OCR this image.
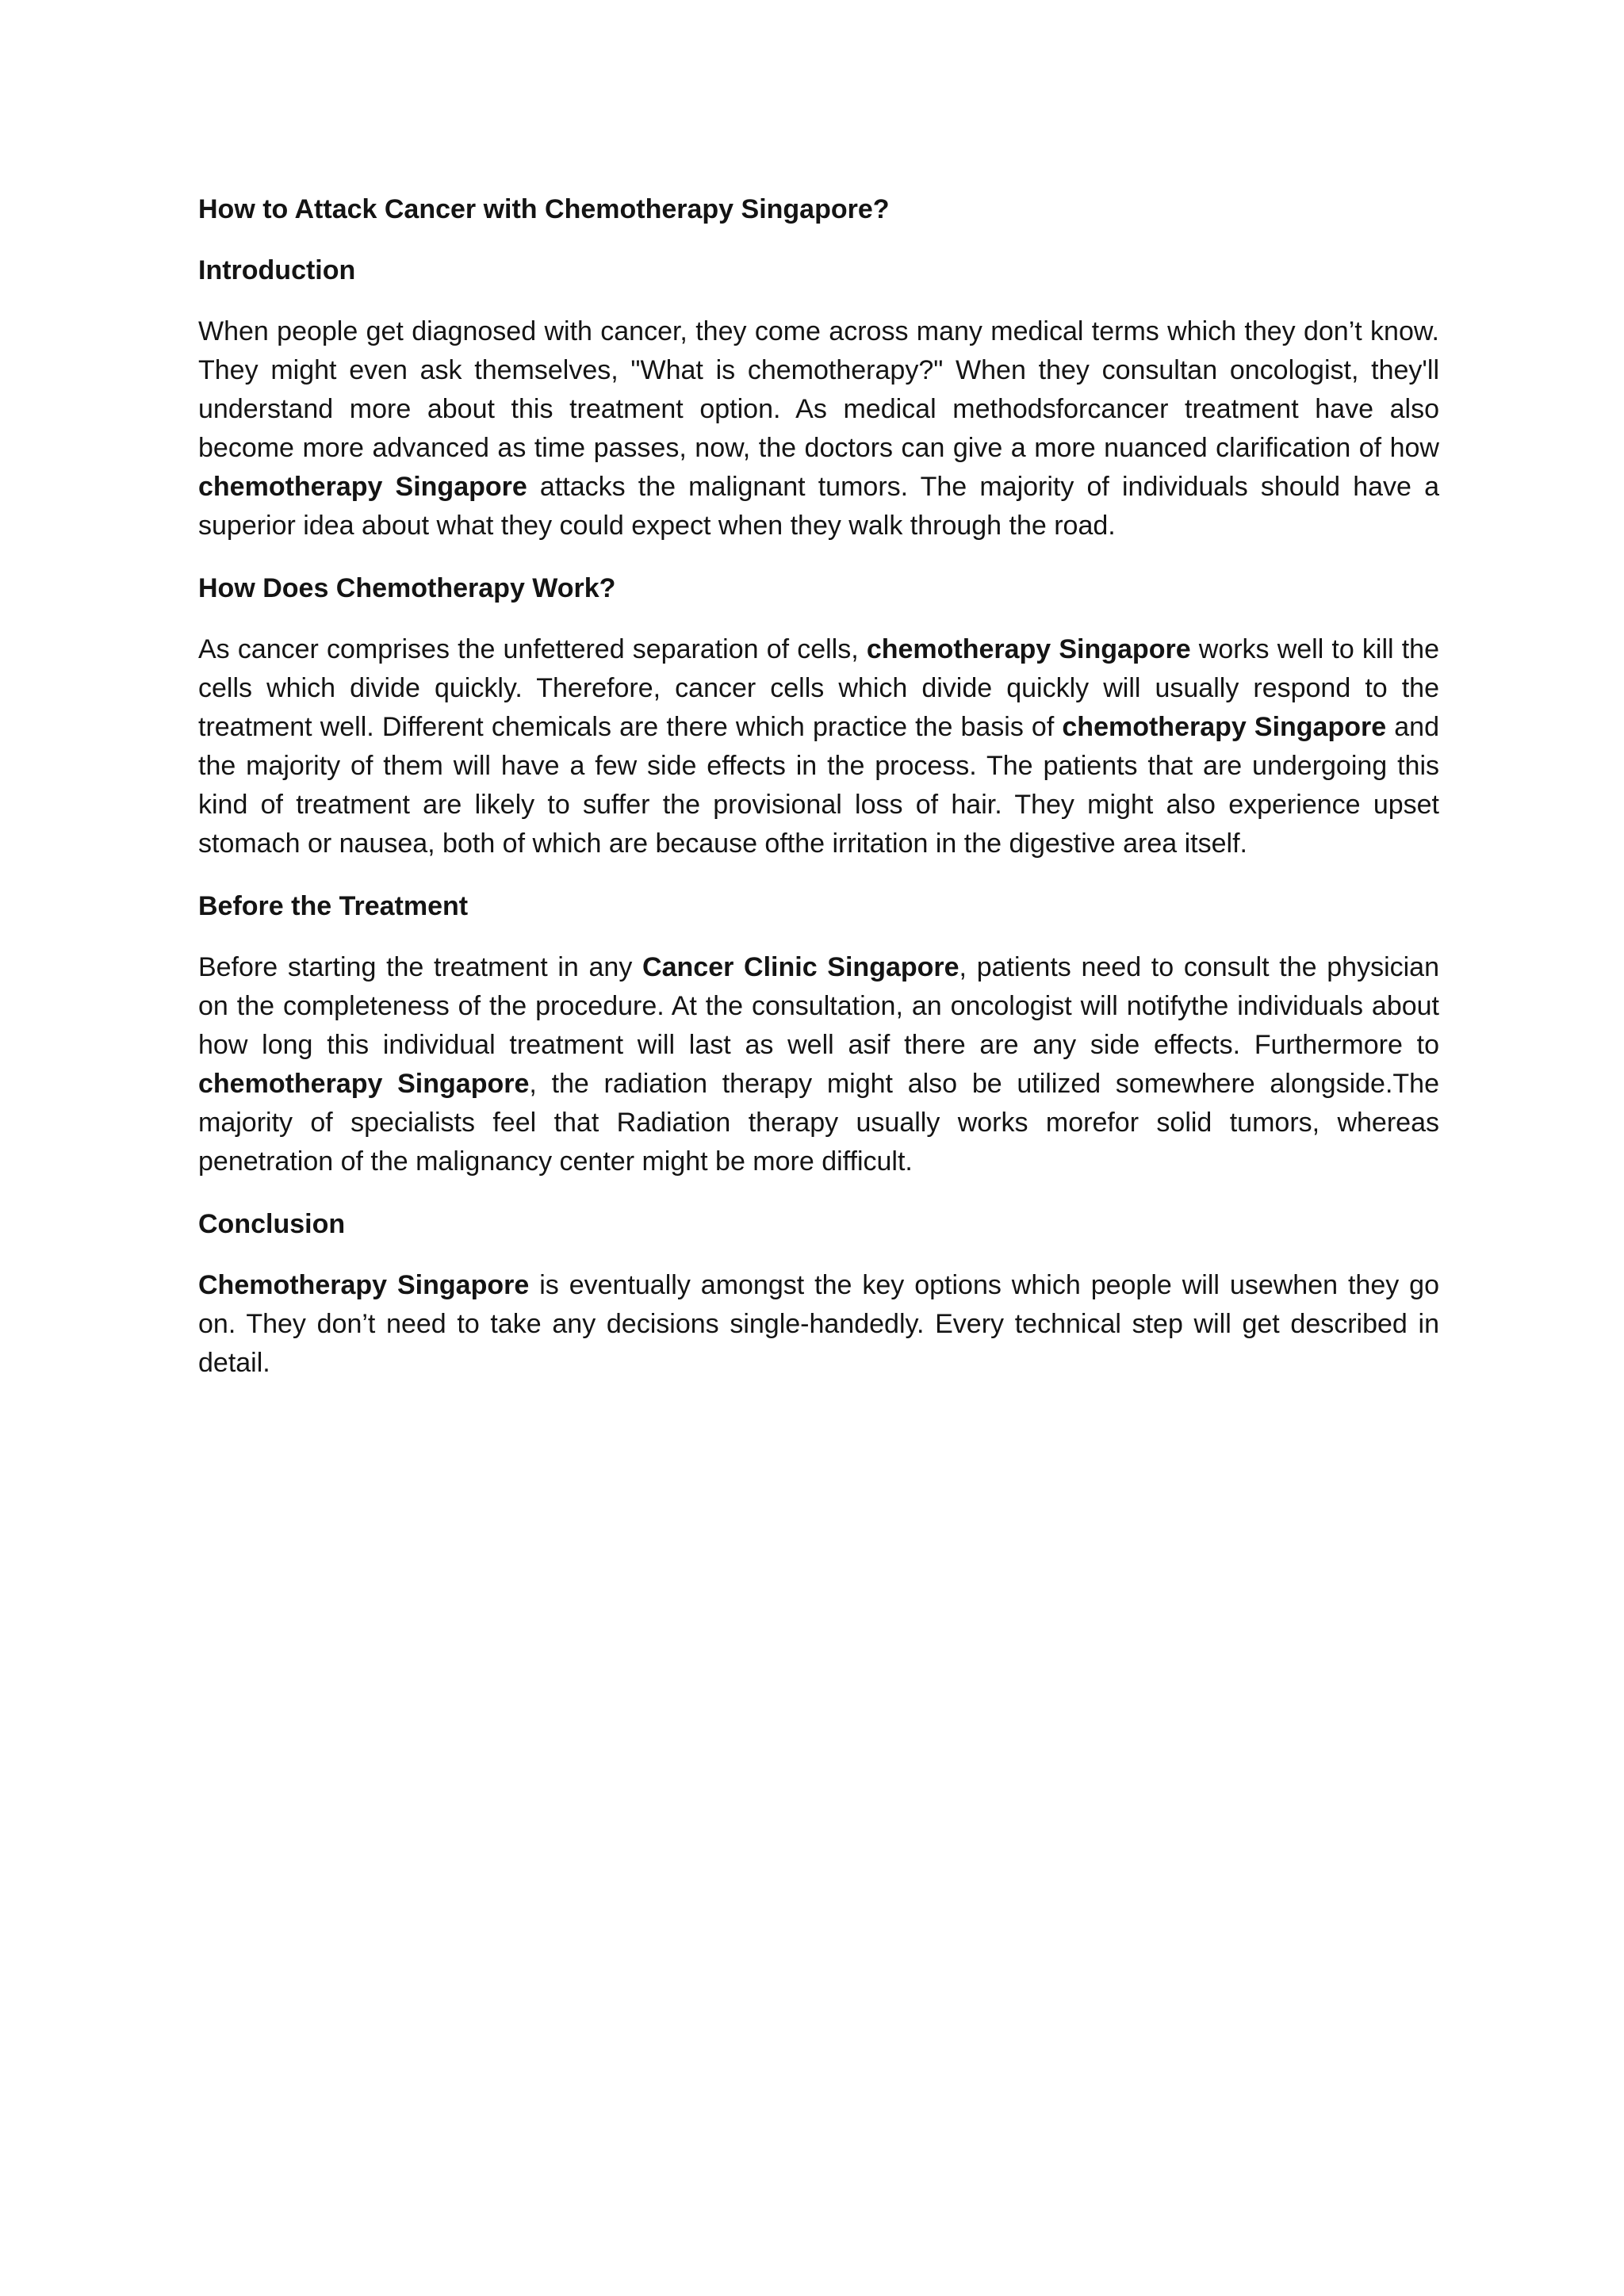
How to Attack Cancer with Chemotherapy Singapore?
Introduction
When people get diagnosed with cancer, they come across many medical terms which they don’t know. They might even ask themselves, "What is chemotherapy?" When they consultan oncologist, they'll understand more about this treatment option. As medical methodsforcancer treatment have also become more advanced as time passes, now, the doctors can give a more nuanced clarification of how chemotherapy Singapore attacks the malignant tumors. The majority of individuals should have a superior idea about what they could expect when they walk through the road.
How Does Chemotherapy Work?
As cancer comprises the unfettered separation of cells, chemotherapy Singapore works well to kill the cells which divide quickly. Therefore, cancer cells which divide quickly will usually respond to the treatment well. Different chemicals are there which practice the basis of chemotherapy Singapore and the majority of them will have a few side effects in the process. The patients that are undergoing this kind of treatment are likely to suffer the provisional loss of hair. They might also experience upset stomach or nausea, both of which are because ofthe irritation in the digestive area itself.
Before the Treatment
Before starting the treatment in any Cancer Clinic Singapore, patients need to consult the physician on the completeness of the procedure. At the consultation, an oncologist will notifythe individuals about how long this individual treatment will last as well asif there are any side effects. Furthermore to chemotherapy Singapore, the radiation therapy might also be utilized somewhere alongside.The majority of specialists feel that Radiation therapy usually works morefor solid tumors, whereas penetration of the malignancy center might be more difficult.
Conclusion
Chemotherapy Singapore is eventually amongst the key options which people will usewhen they go on. They don’t need to take any decisions single-handedly. Every technical step will get described in detail.
